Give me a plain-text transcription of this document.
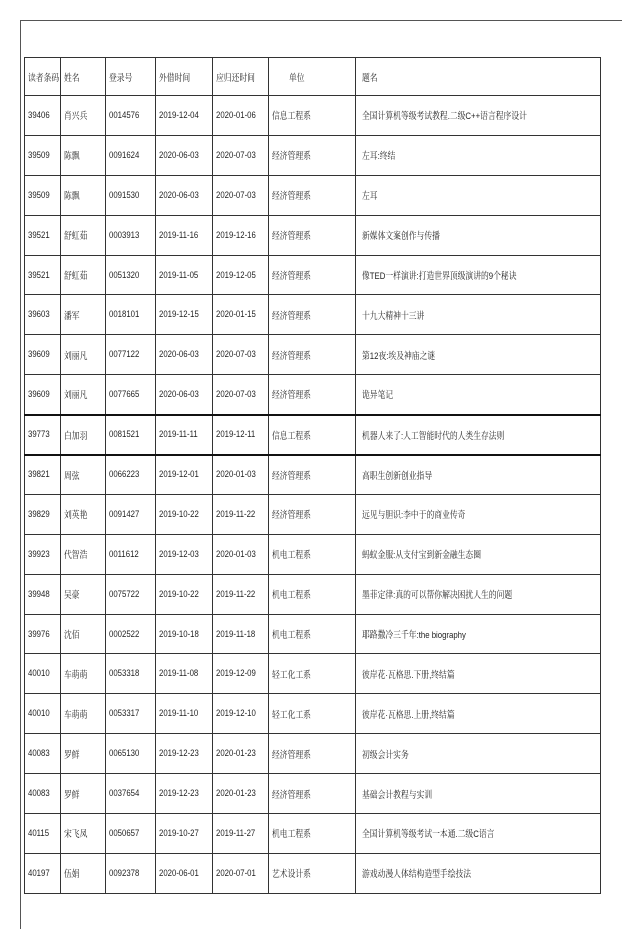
读者条码	姓名	登录号	外借时间	应归还时间	单位	题名
39406	肖兴兵	0014576	2019-12-04	2020-01-06	信息工程系	全国计算机等级考试教程.二级C++语言程序设计
39509	陈飘	0091624	2020-06-03	2020-07-03	经济管理系	左耳:终结
39509	陈飘	0091530	2020-06-03	2020-07-03	经济管理系	左耳
39521	舒虹茹	0003913	2019-11-16	2019-12-16	经济管理系	新媒体文案创作与传播
39521	舒虹茹	0051320	2019-11-05	2019-12-05	经济管理系	像TED一样演讲:打造世界顶级演讲的9个秘诀
39603	潘军	0018101	2019-12-15	2020-01-15	经济管理系	十九大精神十三讲
39609	刘丽凡	0077122	2020-06-03	2020-07-03	经济管理系	第12夜:埃及神庙之谜
39609	刘丽凡	0077665	2020-06-03	2020-07-03	经济管理系	诡异笔记
39773	白加羽	0081521	2019-11-11	2019-12-11	信息工程系	机器人来了:人工智能时代的人类生存法则
39821	周弦	0066223	2019-12-01	2020-01-03	经济管理系	高职生创新创业指导
39829	刘英艳	0091427	2019-10-22	2019-11-22	经济管理系	远见与胆识:李中于的商业传奇
39923	代智浩	0011612	2019-12-03	2020-01-03	机电工程系	蚂蚁金服:从支付宝到新金融生态圈
39948	吴豪	0075722	2019-10-22	2019-11-22	机电工程系	墨菲定律:真的可以帮你解决困扰人生的问题
39976	沈佰	0002522	2019-10-18	2019-11-18	机电工程系	耶路撒冷三千年:the biography
40010	车萌萌	0053318	2019-11-08	2019-12-09	轻工化工系	彼岸花·瓦格思.下册,终结篇
40010	车萌萌	0053317	2019-11-10	2019-12-10	轻工化工系	彼岸花·瓦格思.上册,终结篇
40083	罗鲜	0065130	2019-12-23	2020-01-23	经济管理系	初级会计实务
40083	罗鲜	0037654	2019-12-23	2020-01-23	经济管理系	基础会计教程与实训
40115	宋飞凤	0050657	2019-10-27	2019-11-27	机电工程系	全国计算机等级考试一本通.二级C语言
40197	伍娟	0092378	2020-06-01	2020-07-01	艺术设计系	游戏动漫人体结构造型手绘技法
